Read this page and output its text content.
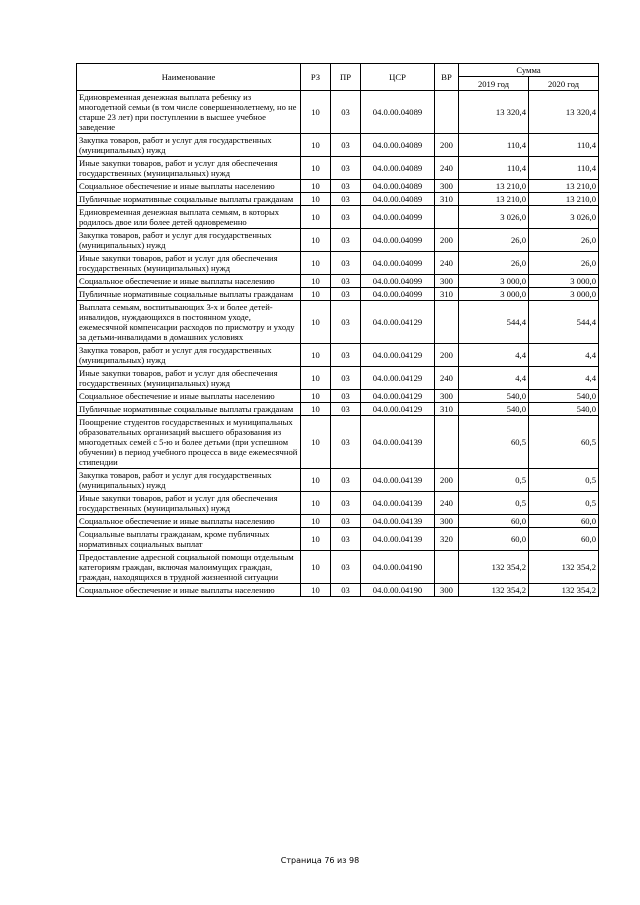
Наименование	РЗ	ПР	ЦСР	ВР	Сумма	
					2019 год	2020 год
Единовременная денежная выплата ребенку из многодетной семьи (в том числе совершеннолетнему, но не старше 23 лет) при поступлении в высшее учебное заведение	10	03	04.0.00.04089		13 320,4	13 320,4
Закупка товаров, работ и услуг для государственных (муниципальных) нужд	10	03	04.0.00.04089	200	110,4	110,4
Иные закупки товаров, работ и услуг для обеспечения государственных (муниципальных) нужд	10	03	04.0.00.04089	240	110,4	110,4
Социальное обеспечение и иные выплаты населению	10	03	04.0.00.04089	300	13 210,0	13 210,0
Публичные нормативные социальные выплаты гражданам	10	03	04.0.00.04089	310	13 210,0	13 210,0
Единовременная денежная выплата семьям, в которых родилось двое или более детей одновременно	10	03	04.0.00.04099		3 026,0	3 026,0
Закупка товаров, работ и услуг для государственных (муниципальных) нужд	10	03	04.0.00.04099	200	26,0	26,0
Иные закупки товаров, работ и услуг для обеспечения государственных (муниципальных) нужд	10	03	04.0.00.04099	240	26,0	26,0
Социальное обеспечение и иные выплаты населению	10	03	04.0.00.04099	300	3 000,0	3 000,0
Публичные нормативные социальные выплаты гражданам	10	03	04.0.00.04099	310	3 000,0	3 000,0
Выплата семьям, воспитывающих 3-х и более детей-инвалидов, нуждающихся в постоянном уходе, ежемесячной компенсации расходов по присмотру и уходу за детьми-инвалидами в домашних условиях	10	03	04.0.00.04129		544,4	544,4
Закупка товаров, работ и услуг для государственных (муниципальных) нужд	10	03	04.0.00.04129	200	4,4	4,4
Иные закупки товаров, работ и услуг для обеспечения государственных (муниципальных) нужд	10	03	04.0.00.04129	240	4,4	4,4
Социальное обеспечение и иные выплаты населению	10	03	04.0.00.04129	300	540,0	540,0
Публичные нормативные социальные выплаты гражданам	10	03	04.0.00.04129	310	540,0	540,0
Поощрение студентов государственных и муниципальных образовательных организаций высшего образования из многодетных семей с 5-ю и более детьми (при успешном обучении) в период учебного процесса в виде ежемесячной стипендии	10	03	04.0.00.04139		60,5	60,5
Закупка товаров, работ и услуг для государственных (муниципальных) нужд	10	03	04.0.00.04139	200	0,5	0,5
Иные закупки товаров, работ и услуг для обеспечения государственных (муниципальных) нужд	10	03	04.0.00.04139	240	0,5	0,5
Социальное обеспечение и иные выплаты населению	10	03	04.0.00.04139	300	60,0	60,0
Социальные выплаты гражданам, кроме публичных нормативных социальных выплат	10	03	04.0.00.04139	320	60,0	60,0
Предоставление адресной социальной помощи отдельным категориям граждан, включая малоимущих граждан, граждан, находящихся в трудной жизненной ситуации	10	03	04.0.00.04190		132 354,2	132 354,2
Социальное обеспечение и иные выплаты населению	10	03	04.0.00.04190	300	132 354,2	132 354,2
Страница 76 из 98
